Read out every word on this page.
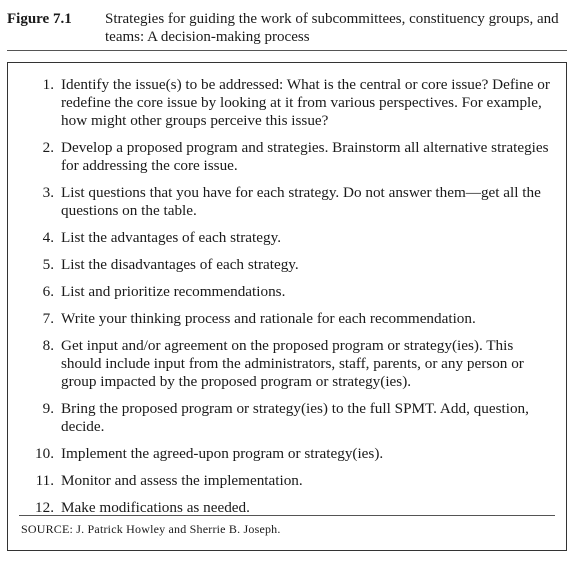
Figure 7.1	Strategies for guiding the work of subcommittees, constituency groups, and teams: A decision-making process
1. Identify the issue(s) to be addressed: What is the central or core issue? Define or redefine the core issue by looking at it from various perspectives. For example, how might other groups perceive this issue?
2. Develop a proposed program and strategies. Brainstorm all alternative strategies for addressing the core issue.
3. List questions that you have for each strategy. Do not answer them—get all the questions on the table.
4. List the advantages of each strategy.
5. List the disadvantages of each strategy.
6. List and prioritize recommendations.
7. Write your thinking process and rationale for each recommendation.
8. Get input and/or agreement on the proposed program or strategy(ies). This should include input from the administrators, staff, parents, or any person or group impacted by the proposed program or strategy(ies).
9. Bring the proposed program or strategy(ies) to the full SPMT. Add, question, decide.
10. Implement the agreed-upon program or strategy(ies).
11. Monitor and assess the implementation.
12. Make modifications as needed.
SOURCE: J. Patrick Howley and Sherrie B. Joseph.
